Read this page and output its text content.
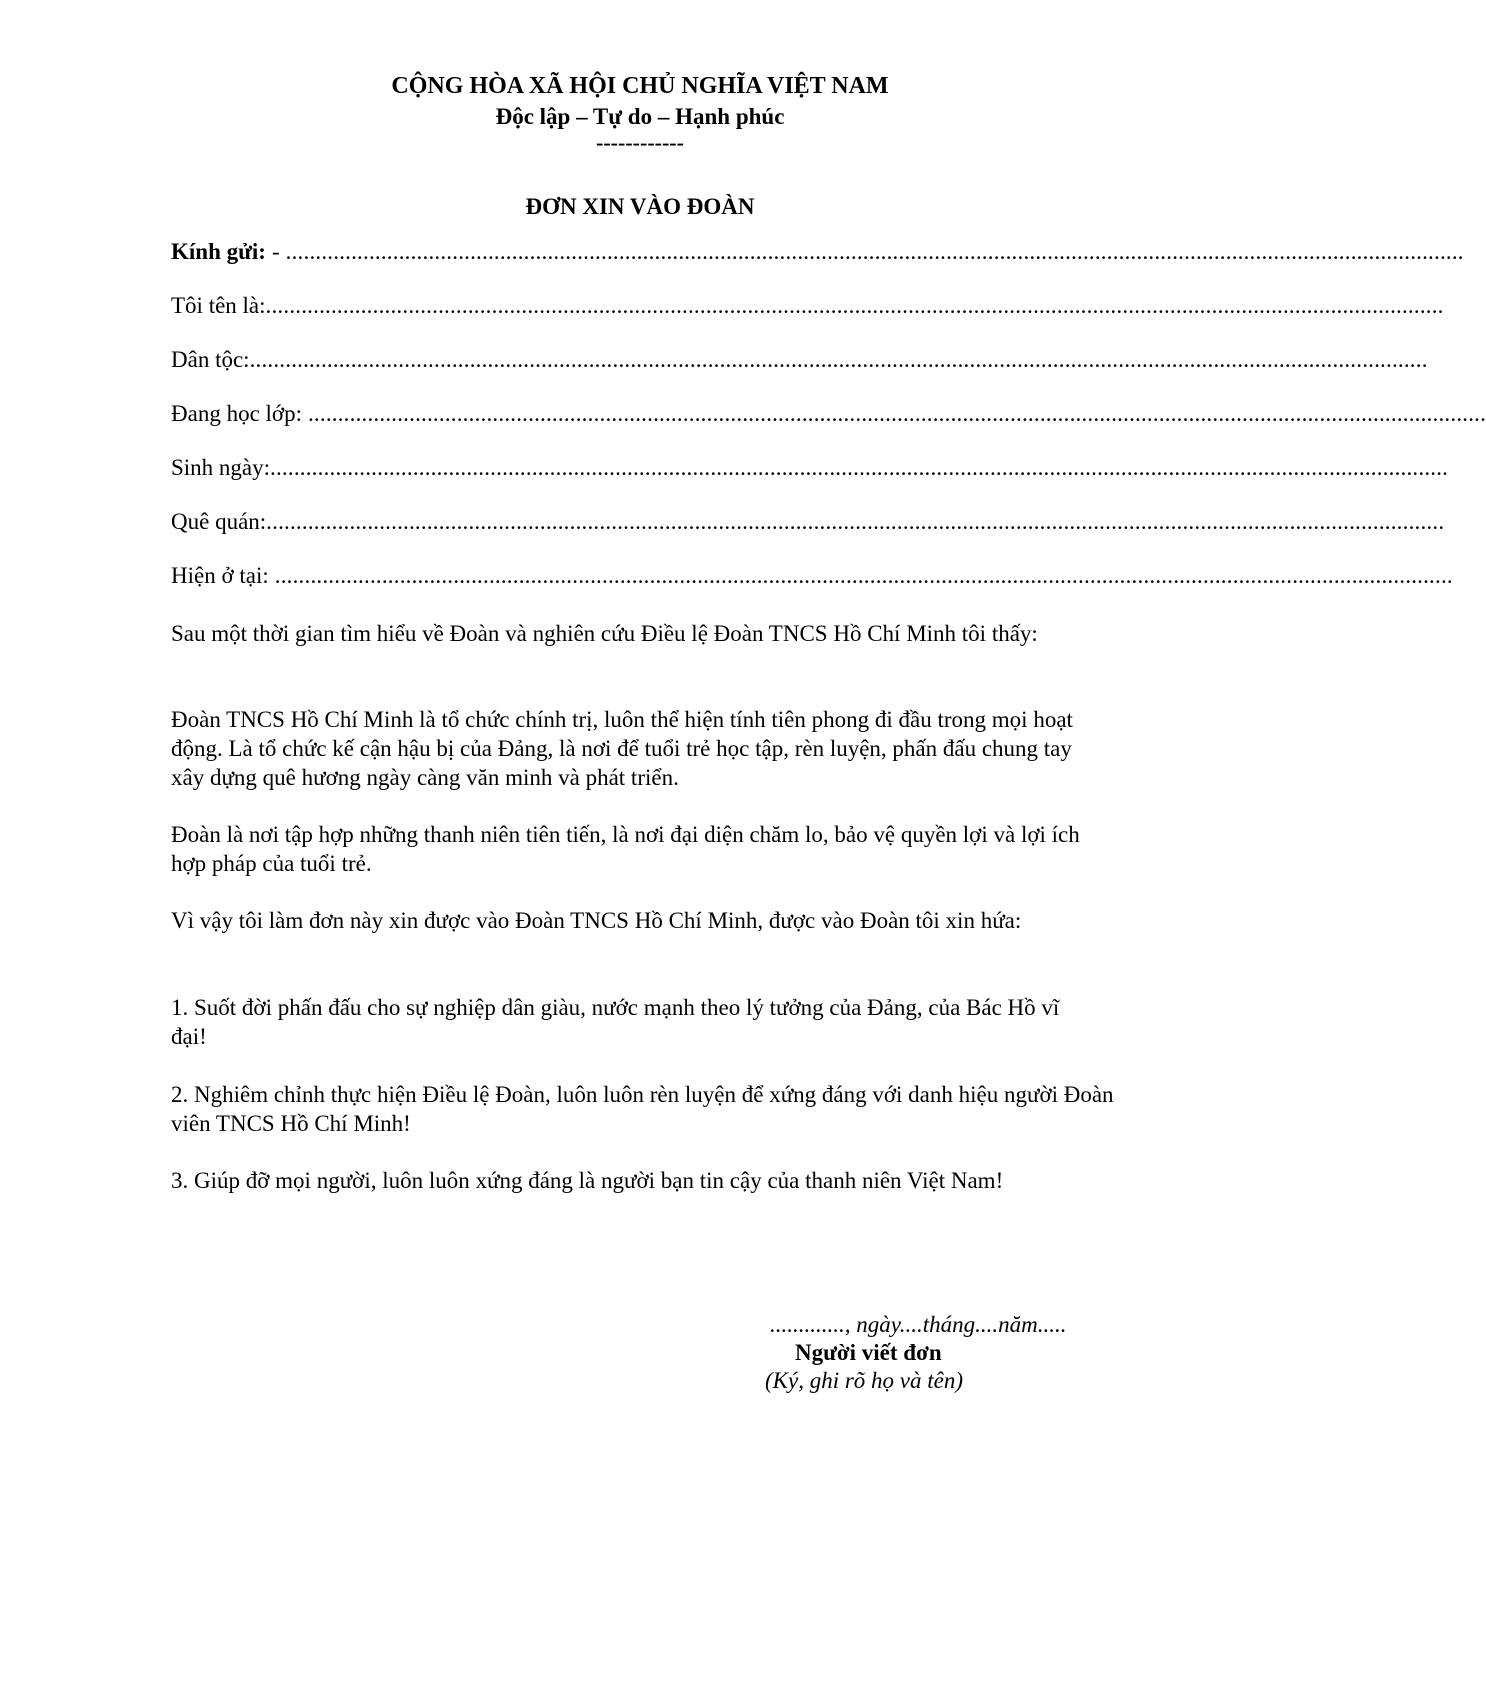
CỘNG HÒA XÃ HỘI CHỦ NGHĨA VIỆT NAM
Độc lập – Tự do – Hạnh phúc
------------
ĐƠN XIN VÀO ĐOÀN
Kính gửi: - ......................................................................................................................................................................................................
Tôi tên là: ......................................................................................................................................................................................................
Dân tộc: ......................................................................................................................................................................................................
Đang học lớp: ......................................................................................................................................................................................................
Sinh ngày: ......................................................................................................................................................................................................
Quê quán: ......................................................................................................................................................................................................
Hiện ở tại: ......................................................................................................................................................................................................

Sau một thời gian tìm hiểu về Đoàn và nghiên cứu Điều lệ Đoàn TNCS Hồ Chí Minh tôi thấy:

Đoàn TNCS Hồ Chí Minh là tổ chức chính trị, luôn thể hiện tính tiên phong đi đầu trong mọi hoạt động. Là tổ chức kế cận hậu bị của Đảng, là nơi để tuổi trẻ học tập, rèn luyện, phấn đấu chung tay xây dựng quê hương ngày càng văn minh và phát triển.

Đoàn là nơi tập hợp những thanh niên tiên tiến, là nơi đại diện chăm lo, bảo vệ quyền lợi và lợi ích hợp pháp của tuổi trẻ.

Vì vậy tôi làm đơn này xin được vào Đoàn TNCS Hồ Chí Minh, được vào Đoàn tôi xin hứa:

1. Suốt đời phấn đấu cho sự nghiệp dân giàu, nước mạnh theo lý tưởng của Đảng, của Bác Hồ vĩ đại!

2. Nghiêm chỉnh thực hiện Điều lệ Đoàn, luôn luôn rèn luyện để xứng đáng với danh hiệu người Đoàn viên TNCS Hồ Chí Minh!

3. Giúp đỡ mọi người, luôn luôn xứng đáng là người bạn tin cậy của thanh niên Việt Nam!

............., ngày....tháng....năm.....
Người viết đơn
(Ký, ghi rõ họ và tên)
